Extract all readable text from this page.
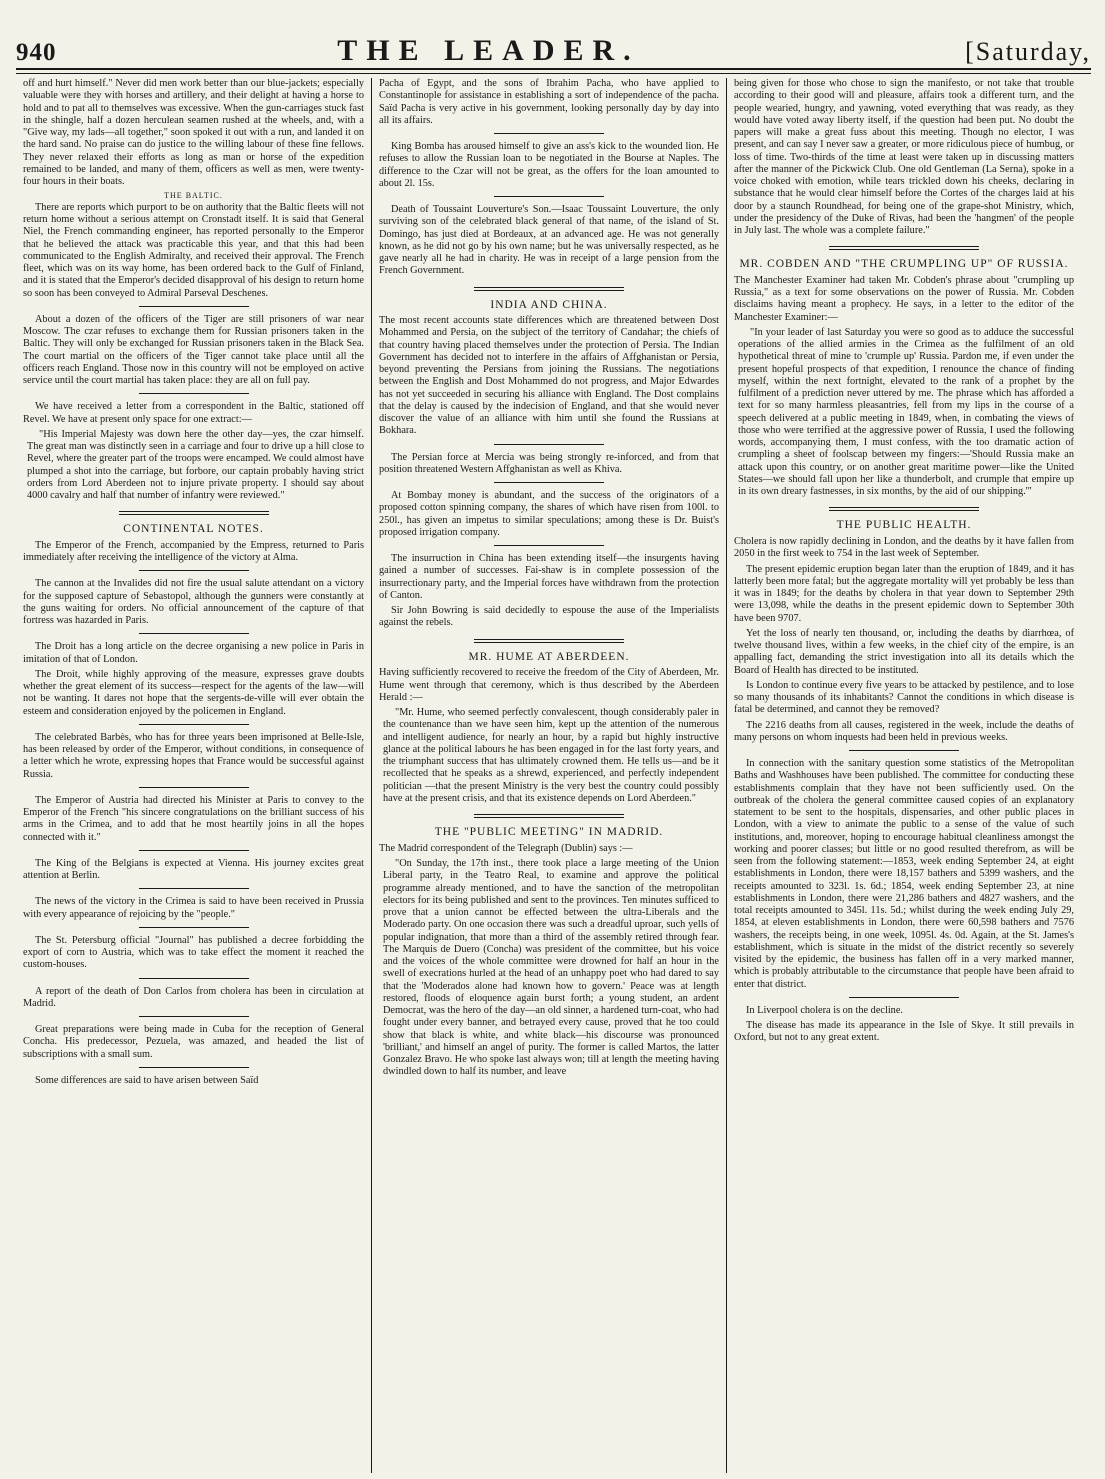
940	THE LEADER.	[Saturday,

off and hurt himself." Never did men work better than our blue-jackets; especially valuable were they with horses and artillery, and their delight at having a horse to hold and to pat all to themselves was excessive. When the gun-carriages stuck fast in the shingle, half a dozen herculean seamen rushed at the wheels, and, with a "Give way, my lads—all together," soon spoked it out with a run, and landed it on the hard sand. No praise can do justice to the willing labour of these fine fellows. They never relaxed their efforts as long as man or horse of the expedition remained to be landed, and many of them, officers as well as men, were twenty-four hours in their boats.

THE BALTIC.

There are reports which purport to be on authority that the Baltic fleets will not return home without a serious attempt on Cronstadt itself. It is said that General Niel, the French commanding engineer, has reported personally to the Emperor that he believed the attack was practicable this year, and that this had been communicated to the English Admiralty, and received their approval. The French fleet, which was on its way home, has been ordered back to the Gulf of Finland, and it is stated that the Emperor's decided disapproval of his design to return home so soon has been conveyed to Admiral Parseval Deschenes.

About a dozen of the officers of the Tiger are still prisoners of war near Moscow. The czar refuses to exchange them for Russian prisoners taken in the Baltic. They will only be exchanged for Russian prisoners taken in the Black Sea. The court martial on the officers of the Tiger cannot take place until all the officers reach England. Those now in this country will not be employed on active service until the court martial has taken place: they are all on full pay.

We have received a letter from a correspondent in the Baltic, stationed off Revel. We have at present only space for one extract:—

"His Imperial Majesty was down here the other day—yes, the czar himself. The great man was distinctly seen in a carriage and four to drive up a hill close to Revel, where the greater part of the troops were encamped. We could almost have plumped a shot into the carriage, but forbore, our captain probably having strict orders from Lord Aberdeen not to injure private property. I should say about 4000 cavalry and half that number of infantry were reviewed."

CONTINENTAL NOTES.

The Emperor of the French, accompanied by the Empress, returned to Paris immediately after receiving the intelligence of the victory at Alma.

The cannon at the Invalides did not fire the usual salute attendant on a victory for the supposed capture of Sebastopol, although the gunners were constantly at the guns waiting for orders. No official announcement of the capture of that fortress was hazarded in Paris.

The Droit has a long article on the decree organising a new police in Paris in imitation of that of London.

The Droit, while highly approving of the measure, expresses grave doubts whether the great element of its success—respect for the agents of the law—will not be wanting. It dares not hope that the sergents-de-ville will ever obtain the esteem and consideration enjoyed by the policemen in England.

The celebrated Barbès, who has for three years been imprisoned at Belle-Isle, has been released by order of the Emperor, without conditions, in consequence of a letter which he wrote, expressing hopes that France would be successful against Russia.

The Emperor of Austria had directed his Minister at Paris to convey to the Emperor of the French "his sincere congratulations on the brilliant success of his arms in the Crimea, and to add that he most heartily joins in all the hopes connected with it."

The King of the Belgians is expected at Vienna. His journey excites great attention at Berlin.

The news of the victory in the Crimea is said to have been received in Prussia with every appearance of rejoicing by the "people."

The St. Petersburg official "Journal" has published a decree forbidding the export of corn to Austria, which was to take effect the moment it reached the custom-houses.

A report of the death of Don Carlos from cholera has been in circulation at Madrid.

Great preparations were being made in Cuba for the reception of General Concha. His predecessor, Pezuela, was amazed, and headed the list of subscriptions with a small sum.

Some differences are said to have arisen between Saïd

Pacha of Egypt, and the sons of Ibrahim Pacha, who have applied to Constantinople for assistance in establishing a sort of independence of the pacha. Saïd Pacha is very active in his government, looking personally day by day into all its affairs.

King Bomba has aroused himself to give an ass's kick to the wounded lion. He refuses to allow the Russian loan to be negotiated in the Bourse at Naples. The difference to the Czar will not be great, as the offers for the loan amounted to about 2l. 15s.

Death of Toussaint Louverture's Son.—Isaac Toussaint Louverture, the only surviving son of the celebrated black general of that name, of the island of St. Domingo, has just died at Bordeaux, at an advanced age. He was not generally known, as he did not go by his own name; but he was universally respected, as he gave nearly all he had in charity. He was in receipt of a large pension from the French Government.

INDIA AND CHINA.

The most recent accounts state differences which are threatened between Dost Mohammed and Persia, on the subject of the territory of Candahar; the chiefs of that country having placed themselves under the protection of Persia. The Indian Government has decided not to interfere in the affairs of Affghanistan or Persia, beyond preventing the Persians from joining the Russians. The negotiations between the English and Dost Mohammed do not progress, and Major Edwardes has not yet succeeded in securing his alliance with England. The Dost complains that the delay is caused by the indecision of England, and that she would never discover the value of an alliance with him until she found the Russians at Bokhara.

The Persian force at Mercia was being strongly re-inforced, and from that position threatened Western Affghanistan as well as Khiva.

At Bombay money is abundant, and the success of the originators of a proposed cotton spinning company, the shares of which have risen from 100l. to 250l., has given an impetus to similar speculations; among these is Dr. Buist's proposed irrigation company.

The insurruction in China has been extending itself—the insurgents having gained a number of successes. Fai-shaw is in complete possession of the insurrectionary party, and the Imperial forces have withdrawn from the protection of Canton.

Sir John Bowring is said decidedly to espouse the ause of the Imperialists against the rebels.

MR. HUME AT ABERDEEN.

Having sufficiently recovered to receive the freedom of the City of Aberdeen, Mr. Hume went through that ceremony, which is thus described by the Aberdeen Herald :—

"Mr. Hume, who seemed perfectly convalescent, though considerably paler in the countenance than we have seen him, kept up the attention of the numerous and intelligent audience, for nearly an hour, by a rapid but highly instructive glance at the political labours he has been engaged in for the last forty years, and the triumphant success that has ultimately crowned them. He tells us—and be it recollected that he speaks as a shrewd, experienced, and perfectly independent politician —that the present Ministry is the very best the country could possibly have at the present crisis, and that its existence depends on Lord Aberdeen."

THE "PUBLIC MEETING" IN MADRID.

The Madrid correspondent of the Telegraph (Dublin) says :—

"On Sunday, the 17th inst., there took place a large meeting of the Union Liberal party, in the Teatro Real, to examine and approve the political programme already mentioned, and to have the sanction of the metropolitan electors for its being published and sent to the provinces. Ten minutes sufficed to prove that a union cannot be effected between the ultra-Liberals and the Moderado party. On one occasion there was such a dreadful uproar, such yells of popular indignation, that more than a third of the assembly retired through fear. The Marquis de Duero (Concha) was president of the committee, but his voice and the voices of the whole committee were drowned for half an hour in the swell of execrations hurled at the head of an unhappy poet who had dared to say that the 'Moderados alone had known how to govern.' Peace was at length restored, floods of eloquence again burst forth; a young student, an ardent Democrat, was the hero of the day—an old sinner, a hardened turn-coat, who had fought under every banner, and betrayed every cause, proved that he too could show that black is white, and white black—his discourse was pronounced 'brilliant,' and himself an angel of purity. The former is called Martos, the latter Gonzalez Bravo. He who spoke last always won; till at length the meeting having dwindled down to half its number, and leave

being given for those who chose to sign the manifesto, or not take that trouble according to their good will and pleasure, affairs took a different turn, and the people wearied, hungry, and yawning, voted everything that was ready, as they would have voted away liberty itself, if the question had been put. No doubt the papers will make a great fuss about this meeting. Though no elector, I was present, and can say I never saw a greater, or more ridiculous piece of humbug, or loss of time. Two-thirds of the time at least were taken up in discussing matters after the manner of the Pickwick Club. One old Gentleman (La Serna), spoke in a voice choked with emotion, while tears trickled down his cheeks, declaring in substance that he would clear himself before the Cortes of the charges laid at his door by a staunch Roundhead, for being one of the grape-shot Ministry, which, under the presidency of the Duke of Rivas, had been the 'hangmen' of the people in July last. The whole was a complete failure."

MR. COBDEN AND "THE CRUMPLING UP" OF RUSSIA.

The Manchester Examiner had taken Mr. Cobden's phrase about "crumpling up Russia," as a text for some observations on the power of Russia. Mr. Cobden disclaims having meant a prophecy. He says, in a letter to the editor of the Manchester Examiner:—

"In your leader of last Saturday you were so good as to adduce the successful operations of the allied armies in the Crimea as the fulfilment of an old hypothetical threat of mine to 'crumple up' Russia. Pardon me, if even under the present hopeful prospects of that expedition, I renounce the chance of finding myself, within the next fortnight, elevated to the rank of a prophet by the fulfilment of a prediction never uttered by me. The phrase which has afforded a text for so many harmless pleasantries, fell from my lips in the course of a speech delivered at a public meeting in 1849, when, in combating the views of those who were terrified at the aggressive power of Russia, I used the following words, accompanying them, I must confess, with the too dramatic action of crumpling a sheet of foolscap between my fingers:—'Should Russia make an attack upon this country, or on another great maritime power—like the United States—we should fall upon her like a thunderbolt, and crumple that empire up in its own dreary fastnesses, in six months, by the aid of our shipping.'"

THE PUBLIC HEALTH.

Cholera is now rapidly declining in London, and the deaths by it have fallen from 2050 in the first week to 754 in the last week of September.

The present epidemic eruption began later than the eruption of 1849, and it has latterly been more fatal; but the aggregate mortality will yet probably be less than it was in 1849; for the deaths by cholera in that year down to September 29th were 13,098, while the deaths in the present epidemic down to September 30th have been 9707.

Yet the loss of nearly ten thousand, or, including the deaths by diarrhœa, of twelve thousand lives, within a few weeks, in the chief city of the empire, is an appalling fact, demanding the strict investigation into all its details which the Board of Health has directed to be instituted.

Is London to continue every five years to be attacked by pestilence, and to lose so many thousands of its inhabitants? Cannot the conditions in which disease is fatal be determined, and cannot they be removed?

The 2216 deaths from all causes, registered in the week, include the deaths of many persons on whom inquests had been held in previous weeks.

In connection with the sanitary question some statistics of the Metropolitan Baths and Washhouses have been published. The committee for conducting these establishments complain that they have not been sufficiently used. On the outbreak of the cholera the general committee caused copies of an explanatory statement to be sent to the hospitals, dispensaries, and other public places in London, with a view to animate the public to a sense of the value of such institutions, and, moreover, hoping to encourage habitual cleanliness amongst the working and poorer classes; but little or no good resulted therefrom, as will be seen from the following statement:—1853, week ending September 24, at eight establishments in London, there were 18,157 bathers and 5399 washers, and the receipts amounted to 323l. 1s. 6d.; 1854, week ending September 23, at nine establishments in London, there were 21,286 bathers and 4827 washers, and the total receipts amounted to 345l. 11s. 5d.; whilst during the week ending July 29, 1854, at eleven establishments in London, there were 60,598 bathers and 7576 washers, the receipts being, in one week, 1095l. 4s. 0d. Again, at the St. James's establishment, which is situate in the midst of the district recently so severely visited by the epidemic, the business has fallen off in a very marked manner, which is probably attributable to the circumstance that people have been afraid to enter that district.

In Liverpool cholera is on the decline.

The disease has made its appearance in the Isle of Skye. It still prevails in Oxford, but not to any great extent.
